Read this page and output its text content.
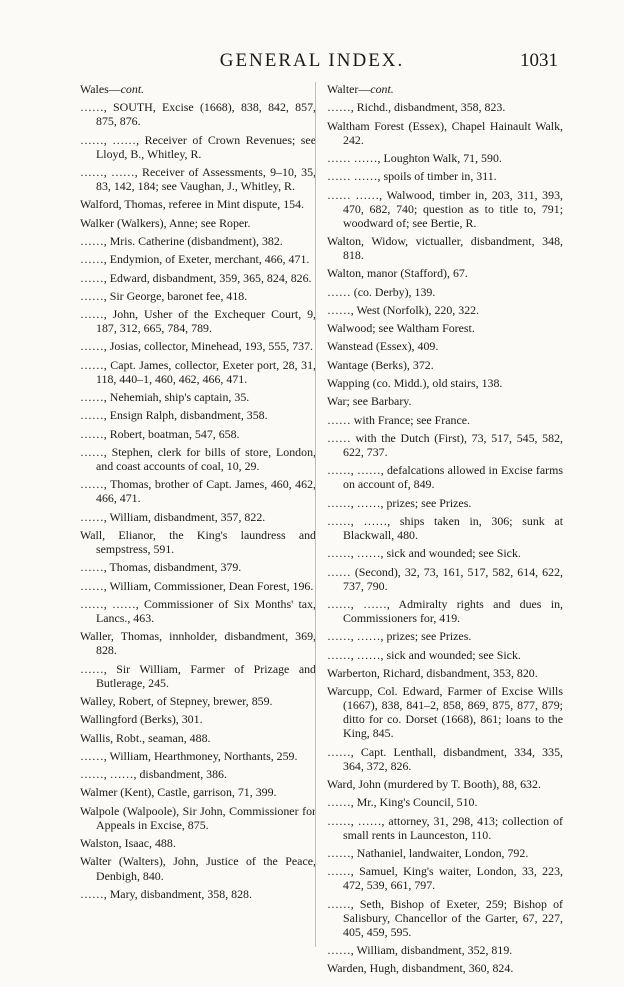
GENERAL INDEX.	1031
Wales—cont.
……, SOUTH, Excise (1668), 838, 842, 857, 875, 876.
……, ……, Receiver of Crown Revenues; see Lloyd, B., Whitley, R.
……, ……, Receiver of Assessments, 9–10, 35, 83, 142, 184; see Vaughan, J., Whitley, R.
Walford, Thomas, referee in Mint dispute, 154.
Walker (Walkers), Anne; see Roper.
……, Mris. Catherine (disbandment), 382.
……, Endymion, of Exeter, merchant, 466, 471.
……, Edward, disbandment, 359, 365, 824, 826.
……, Sir George, baronet fee, 418.
……, John, Usher of the Exchequer Court, 9, 187, 312, 665, 784, 789.
……, Josias, collector, Minehead, 193, 555, 737.
……, Capt. James, collector, Exeter port, 28, 31, 118, 440–1, 460, 462, 466, 471.
……, Nehemiah, ship's captain, 35.
……, Ensign Ralph, disbandment, 358.
……, Robert, boatman, 547, 658.
……, Stephen, clerk for bills of store, London, and coast accounts of coal, 10, 29.
……, Thomas, brother of Capt. James, 460, 462, 466, 471.
……, William, disbandment, 357, 822.
Wall, Elianor, the King's laundress and sempstress, 591.
……, Thomas, disbandment, 379.
……, William, Commissioner, Dean Forest, 196.
……, ……, Commissioner of Six Months' tax, Lancs., 463.
Waller, Thomas, innholder, disbandment, 369, 828.
……, Sir William, Farmer of Prizage and Butlerage, 245.
Walley, Robert, of Stepney, brewer, 859.
Wallingford (Berks), 301.
Wallis, Robt., seaman, 488.
……, William, Hearthmoney, Northants, 259.
……, ……, disbandment, 386.
Walmer (Kent), Castle, garrison, 71, 399.
Walpole (Walpoole), Sir John, Commissioner for Appeals in Excise, 875.
Walston, Isaac, 488.
Walter (Walters), John, Justice of the Peace, Denbigh, 840.
……, Mary, disbandment, 358, 828.
Walter—cont.
……, Richd., disbandment, 358, 823.
Waltham Forest (Essex), Chapel Hainault Walk, 242.
…… ……, Loughton Walk, 71, 590.
…… ……, spoils of timber in, 311.
…… ……, Walwood, timber in, 203, 311, 393, 470, 682, 740; question as to title to, 791; woodward of; see Bertie, R.
Walton, Widow, victualler, disbandment, 348, 818.
Walton, manor (Stafford), 67.
…… (co. Derby), 139.
……, West (Norfolk), 220, 322.
Walwood; see Waltham Forest.
Wanstead (Essex), 409.
Wantage (Berks), 372.
Wapping (co. Midd.), old stairs, 138.
War; see Barbary.
…… with France; see France.
…… with the Dutch (First), 73, 517, 545, 582, 622, 737.
……, ……, defalcations allowed in Excise farms on account of, 849.
……, ……, prizes; see Prizes.
……, ……, ships taken in, 306; sunk at Blackwall, 480.
……, ……, sick and wounded; see Sick.
…… (Second), 32, 73, 161, 517, 582, 614, 622, 737, 790.
……, ……, Admiralty rights and dues in, Commissioners for, 419.
……, ……, prizes; see Prizes.
……, ……, sick and wounded; see Sick.
Warberton, Richard, disbandment, 353, 820.
Warcupp, Col. Edward, Farmer of Excise Wills (1667), 838, 841–2, 858, 869, 875, 877, 879; ditto for co. Dorset (1668), 861; loans to the King, 845.
……, Capt. Lenthall, disbandment, 334, 335, 364, 372, 826.
Ward, John (murdered by T. Booth), 88, 632.
……, Mr., King's Council, 510.
……, ……, attorney, 31, 298, 413; collection of small rents in Launceston, 110.
……, Nathaniel, landwaiter, London, 792.
……, Samuel, King's waiter, London, 33, 223, 472, 539, 661, 797.
……, Seth, Bishop of Exeter, 259; Bishop of Salisbury, Chancellor of the Garter, 67, 227, 405, 459, 595.
……, William, disbandment, 352, 819.
Warden, Hugh, disbandment, 360, 824.
